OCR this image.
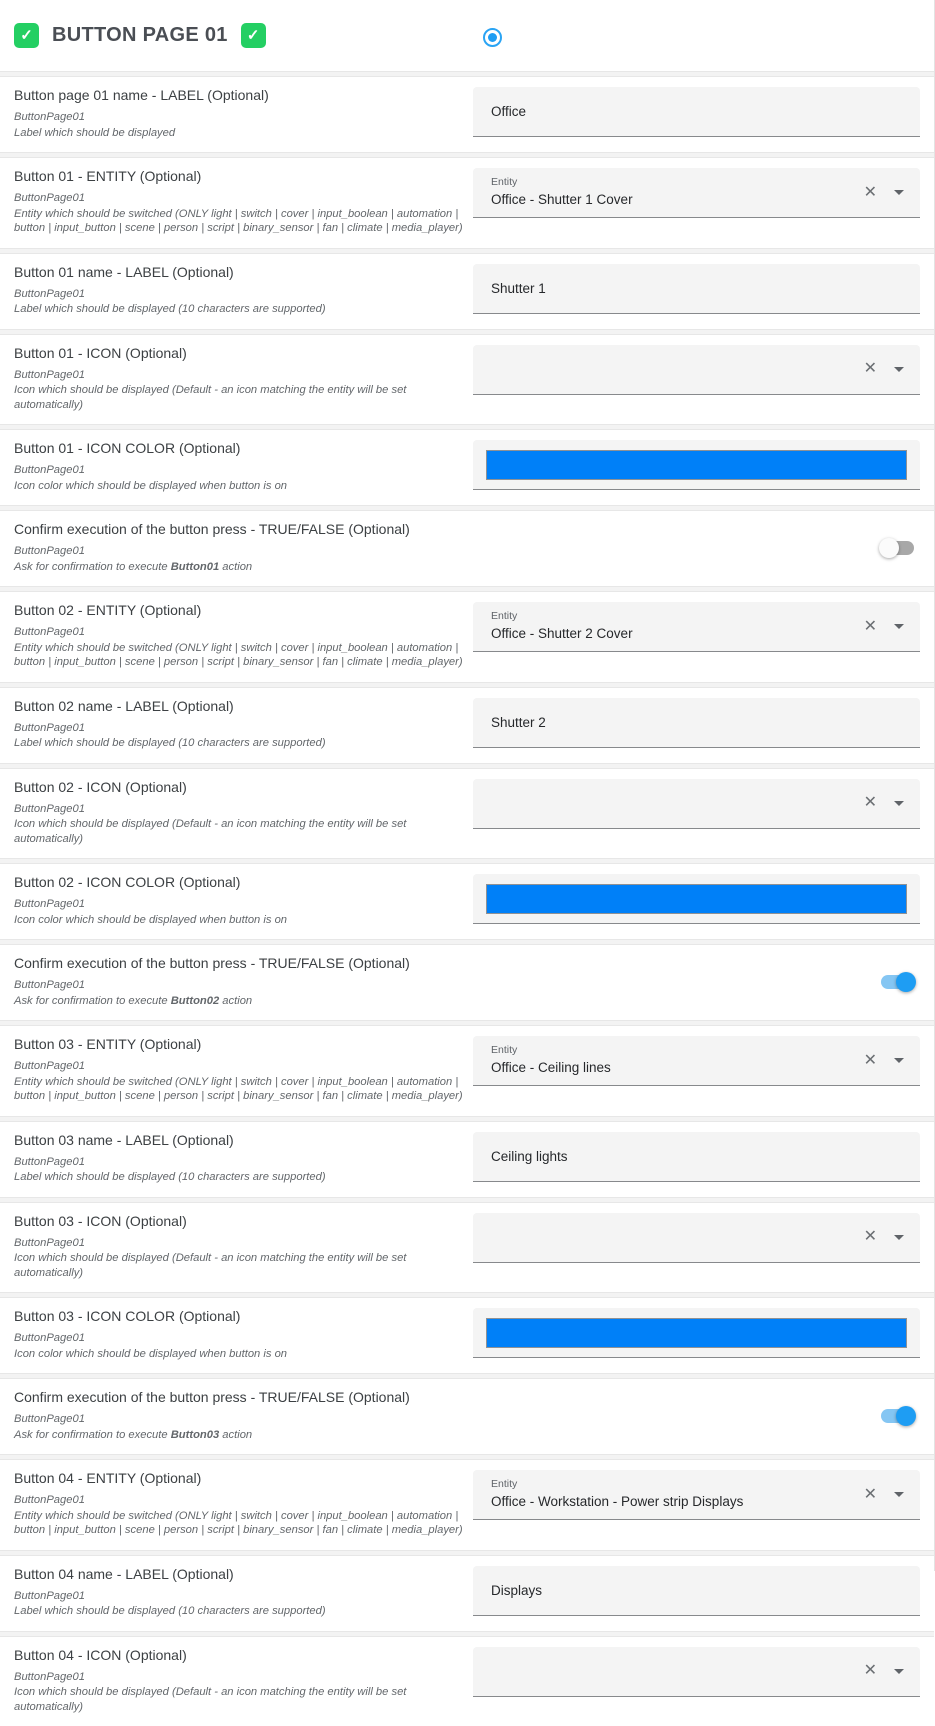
✓ BUTTON PAGE 01 ✓
Button page 01 name - LABEL (Optional)
ButtonPage01
Label which should be displayed
Office
Button 01 - ENTITY (Optional)
ButtonPage01
Entity which should be switched (ONLY light | switch | cover | input_boolean | automation | button | input_button | scene | person | script | binary_sensor | fan | climate | media_player)
Entity
Office - Shutter 1 Cover	✕
Button 01 name - LABEL (Optional)
ButtonPage01
Label which should be displayed (10 characters are supported)
Shutter 1
Button 01 - ICON (Optional)
ButtonPage01
Icon which should be displayed (Default - an icon matching the entity will be set automatically)
✕
Button 01 - ICON COLOR (Optional)
ButtonPage01
Icon color which should be displayed when button is on
Confirm execution of the button press - TRUE/FALSE (Optional)
ButtonPage01
Ask for confirmation to execute Button01 action
Button 02 - ENTITY (Optional)
ButtonPage01
Entity which should be switched (ONLY light | switch | cover | input_boolean | automation | button | input_button | scene | person | script | binary_sensor | fan | climate | media_player)
Entity
Office - Shutter 2 Cover	✕
Button 02 name - LABEL (Optional)
ButtonPage01
Label which should be displayed (10 characters are supported)
Shutter 2
Button 02 - ICON (Optional)
ButtonPage01
Icon which should be displayed (Default - an icon matching the entity will be set automatically)
✕
Button 02 - ICON COLOR (Optional)
ButtonPage01
Icon color which should be displayed when button is on
Confirm execution of the button press - TRUE/FALSE (Optional)
ButtonPage01
Ask for confirmation to execute Button02 action
Button 03 - ENTITY (Optional)
ButtonPage01
Entity which should be switched (ONLY light | switch | cover | input_boolean | automation | button | input_button | scene | person | script | binary_sensor | fan | climate | media_player)
Entity
Office - Ceiling lines	✕
Button 03 name - LABEL (Optional)
ButtonPage01
Label which should be displayed (10 characters are supported)
Ceiling lights
Button 03 - ICON (Optional)
ButtonPage01
Icon which should be displayed (Default - an icon matching the entity will be set automatically)
✕
Button 03 - ICON COLOR (Optional)
ButtonPage01
Icon color which should be displayed when button is on
Confirm execution of the button press - TRUE/FALSE (Optional)
ButtonPage01
Ask for confirmation to execute Button03 action
Button 04 - ENTITY (Optional)
ButtonPage01
Entity which should be switched (ONLY light | switch | cover | input_boolean | automation | button | input_button | scene | person | script | binary_sensor | fan | climate | media_player)
Entity
Office - Workstation - Power strip Displays	✕
Button 04 name - LABEL (Optional)
ButtonPage01
Label which should be displayed (10 characters are supported)
Displays
Button 04 - ICON (Optional)
ButtonPage01
Icon which should be displayed (Default - an icon matching the entity will be set automatically)
✕
